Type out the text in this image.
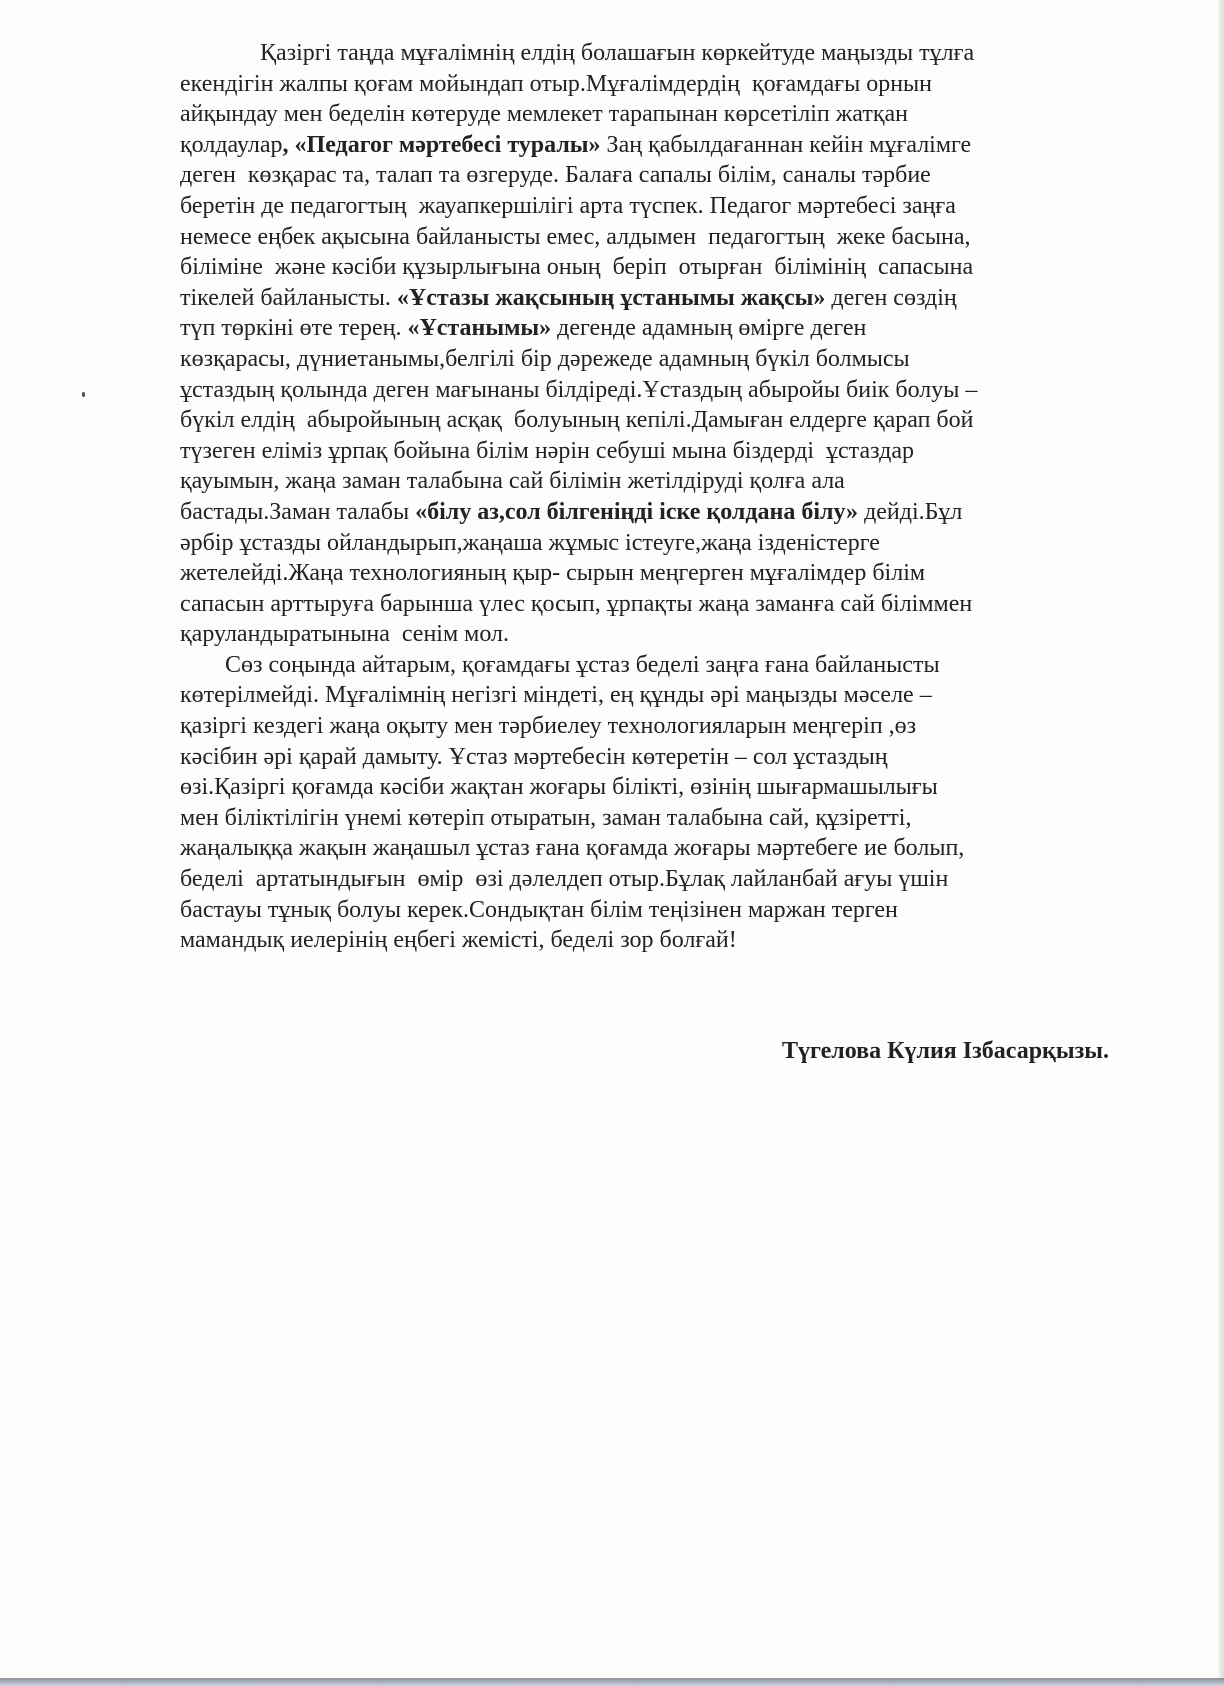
Қазіргі таңда мұғалімнің елдің болашағын көркейтуде маңызды тұлға
екендігін жалпы қоғам мойындап отыр.Мұғалімдердің  қоғамдағы орнын
айқындау мен беделін көтеруде мемлекет тарапынан көрсетіліп жатқан
қолдаулар, «Педагог мәртебесі туралы» Заң қабылдағаннан кейін мұғалімге
деген  көзқарас та, талап та өзгеруде. Балаға сапалы білім, саналы тәрбие
беретін де педагогтың  жауапкершілігі арта түспек. Педагог мәртебесі заңға
немесе еңбек ақысына байланысты емес, алдымен  педагогтың  жеке басына,
біліміне  және кәсіби құзырлығына оның  беріп  отырған  білімінің  сапасына
тікелей байланысты. «Ұстазы жақсының ұстанымы жақсы» деген сөздің
түп төркіні өте терең. «Ұстанымы» дегенде адамның өмірге деген
көзқарасы, дүниетанымы,белгілі бір дәрежеде адамның бүкіл болмысы
ұстаздың қолында деген мағынаны білдіреді.Ұстаздың абыройы биік болуы –
бүкіл елдің  абыройының асқақ  болуының кепілі.Дамыған елдерге қарап бой
түзеген еліміз ұрпақ бойына білім нәрін себуші мына біздерді  ұстаздар
қауымын, жаңа заман талабына сай білімін жетілдіруді қолға ала
бастады.Заман талабы «білу аз,сол білгеніңді іске қолдана білу» дейді.Бұл
әрбір ұстазды ойландырып,жаңаша жұмыс істеуге,жаңа ізденістерге
жетелейді.Жаңа технологияның қыр- сырын меңгерген мұғалімдер білім
сапасын арттыруға барынша үлес қосып, ұрпақты жаңа заманға сай біліммен
қаруландыратынына  сенім мол.
Сөз соңында айтарым, қоғамдағы ұстаз беделі заңға ғана байланысты
көтерілмейді. Мұғалімнің негізгі міндеті, ең құнды әрі маңызды мәселе –
қазіргі кездегі жаңа оқыту мен тәрбиелеу технологияларын меңгеріп ,өз
кәсібин әрі қарай дамыту. Ұстаз мәртебесін көтеретін – сол ұстаздың
өзі.Қазіргі қоғамда кәсіби жақтан жоғары білікті, өзінің шығармашылығы
мен біліктілігін үнемі көтеріп отыратын, заман талабына сай, құзіретті,
жаңалыққа жақын жаңашыл ұстаз ғана қоғамда жоғары мәртебеге ие болып,
беделі  артатындығын  өмір  өзі дәлелдеп отыр.Бұлақ лайланбай ағуы үшін
бастауы тұнық болуы керек.Сондықтан білім теңізінен маржан терген
мамандық иелерінің еңбегі жемісті, беделі зор болғай!
Түгелова Күлия Ізбасарқызы.
